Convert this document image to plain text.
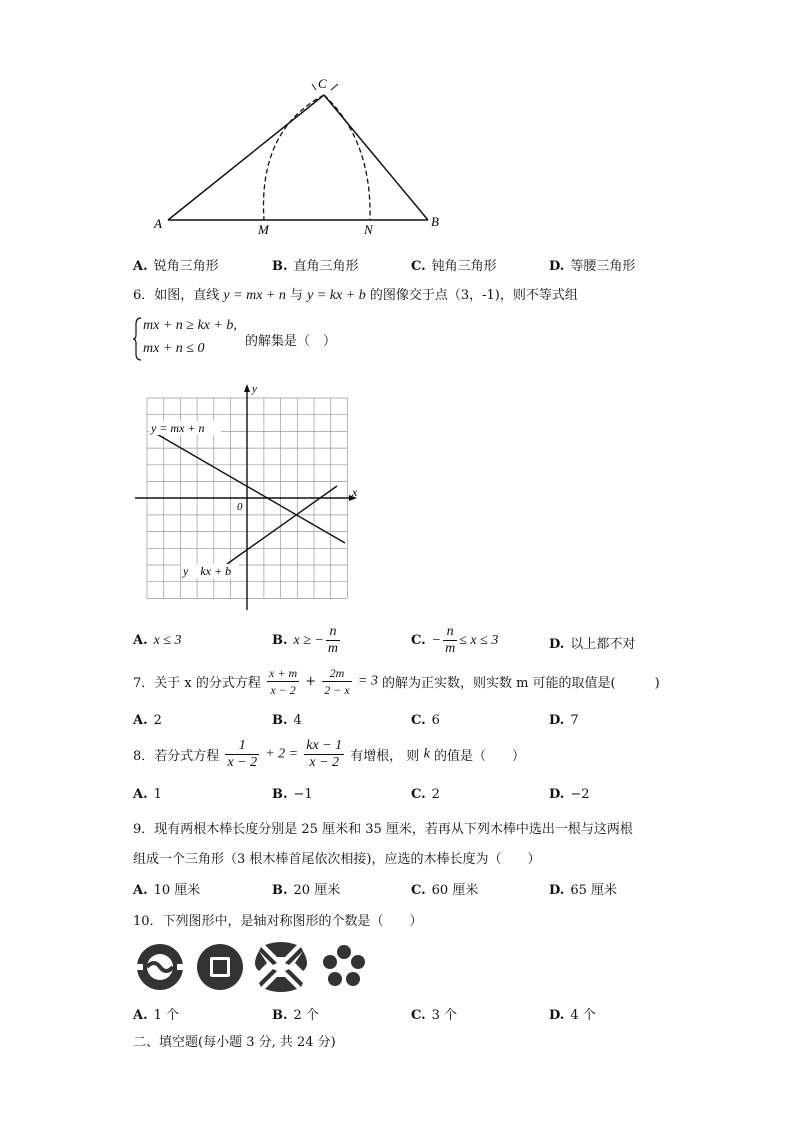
C
A	B
M	N
A. 锐角三角形	B. 直角三角形	C. 钝角三角形	D. 等腰三角形
6．如图，直线 y = mx + n 与 y = kx + b 的图像交于点（3，-1)，则不等式组
mx + n ≥ kx + b,
mx + n ≤ 0	的解集是（　）
y = mx + n
y　kx + b
x
y
0
A. x ≤ 3	B. x ≥ − $\frac{n}{m}$	C. − $\frac{n}{m} \le x \le 3$	D. 以上都不对
7．关于 x 的分式方程 $\frac{x + m}{x - 2} + \frac{2m}{2 - x} = 3$ 的解为正实数，则实数 m 可能的取值是(　　　)
A. 2	B. 4	C. 6	D. 7
8．若分式方程 $\frac{1}{x - 2} + 2 = \frac{kx - 1}{x - 2}$ 有增根， 则 k 的值是（　　）
A. 1	B. −1	C. 2	D. −2
9．现有两根木棒长度分别是 25 厘米和 35 厘米，若再从下列木棒中选出一根与这两根
组成一个三角形（3 根木棒首尾依次相接)，应选的木棒长度为（　　）
A. 10 厘米	B. 20 厘米	C. 60 厘米	D. 65 厘米
10．下列图形中，是轴对称图形的个数是（　　）
A. 1 个	B. 2 个	C. 3 个	D. 4 个
二、填空题(每小题 3 分, 共 24 分)
